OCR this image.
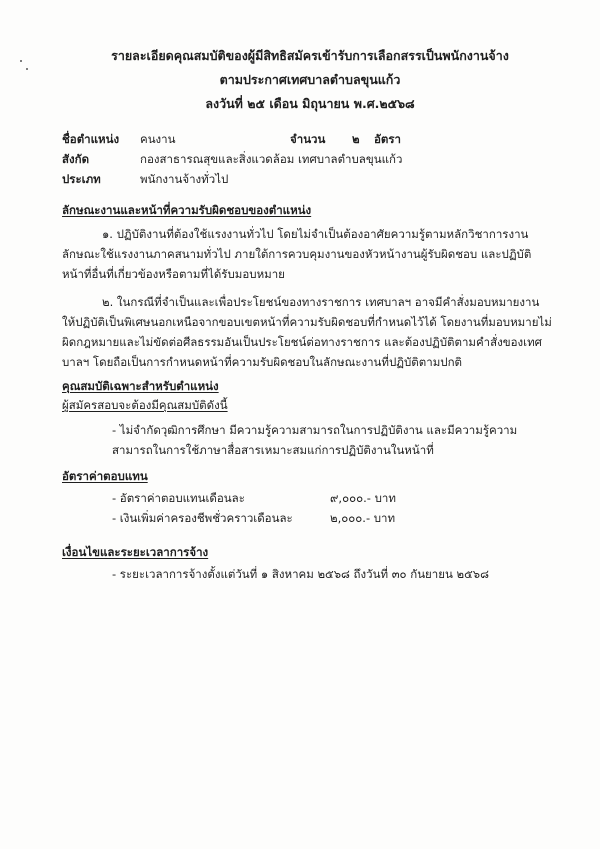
รายละเอียดคุณสมบัติของผู้มีสิทธิสมัครเข้ารับการเลือกสรรเป็นพนักงานจ้าง
ตามประกาศเทศบาลตำบลขุนแก้ว
ลงวันที่ ๒๕ เดือน มิถุนายน พ.ศ.๒๕๖๘
ชื่อตำแหน่ง คนงาน	จำนวน ๒ อัตรา
สังกัด	กองสาธารณสุขและสิ่งแวดล้อม เทศบาลตำบลขุนแก้ว
ประเภท	พนักงานจ้างทั่วไป
ลักษณะงานและหน้าที่ความรับผิดชอบของตำแหน่ง
๑. ปฏิบัติงานที่ต้องใช้แรงงานทั่วไป โดยไม่จำเป็นต้องอาศัยความรู้ตามหลักวิชาการงานลักษณะใช้แรงงานภาคสนามทั่วไป ภายใต้การควบคุมงานของหัวหน้างานผู้รับผิดชอบ และปฏิบัติหน้าที่อื่นที่เกี่ยวข้องหรือตามที่ได้รับมอบหมาย
๒. ในกรณีที่จำเป็นและเพื่อประโยชน์ของทางราชการ เทศบาลฯ อาจมีคำสั่งมอบหมายงานให้ปฏิบัติเป็นพิเศษนอกเหนือจากขอบเขตหน้าที่ความรับผิดชอบที่กำหนดไว้ได้ โดยงานที่มอบหมายไม่ผิดกฎหมายและไม่ขัดต่อศีลธรรมอันเป็นประโยชน์ต่อทางราชการ และต้องปฏิบัติตามคำสั่งของเทศบาลฯ โดยถือเป็นการกำหนดหน้าที่ความรับผิดชอบในลักษณะงานที่ปฏิบัติตามปกติ
คุณสมบัติเฉพาะสำหรับตำแหน่ง
ผู้สมัครสอบจะต้องมีคุณสมบัติดังนี้
- ไม่จำกัดวุฒิการศึกษา มีความรู้ความสามารถในการปฏิบัติงาน และมีความรู้ความสามารถในการใช้ภาษาสื่อสารเหมาะสมแก่การปฏิบัติงานในหน้าที่
อัตราค่าตอบแทน
- อัตราค่าตอบแทนเดือนละ	๙,๐๐๐.- บาท
- เงินเพิ่มค่าครองชีพชั่วคราวเดือนละ	๒,๐๐๐.- บาท
เงื่อนไขและระยะเวลาการจ้าง
- ระยะเวลาการจ้างตั้งแต่วันที่ ๑ สิงหาคม ๒๕๖๘ ถึงวันที่ ๓๐ กันยายน ๒๕๖๘
